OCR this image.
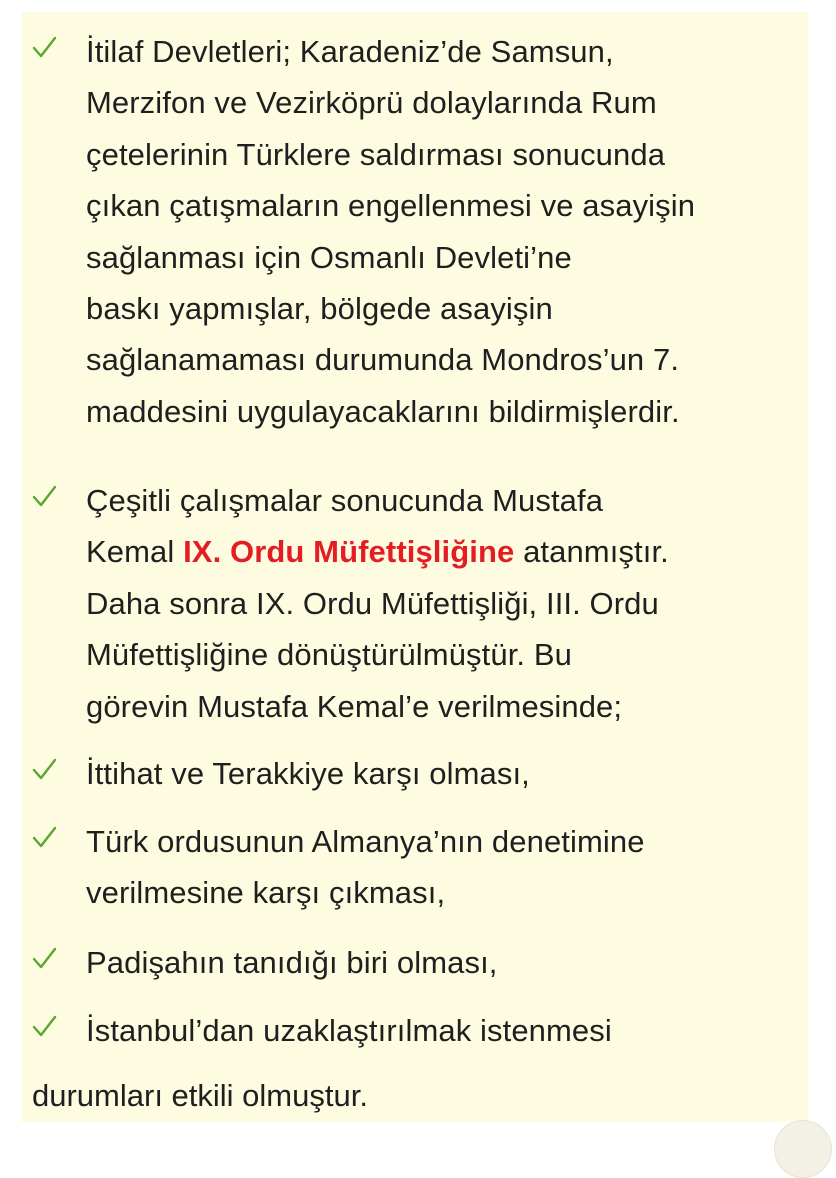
İtilaf Devletleri; Karadeniz’de Samsun,
Merzifon ve Vezirköprü dolaylarında Rum
çetelerinin Türklere saldırması sonucunda
çıkan çatışmaların engellenmesi ve asayişin
sağlanması için Osmanlı Devleti’ne
baskı yapmışlar, bölgede asayişin
sağlanamaması durumunda Mondros’un 7.
maddesini uygulayacaklarını bildirmişlerdir.
Çeşitli çalışmalar sonucunda Mustafa
Kemal IX. Ordu Müfettişliğine atanmıştır.
Daha sonra IX. Ordu Müfettişliği, III. Ordu
Müfettişliğine dönüştürülmüştür. Bu
görevin Mustafa Kemal’e verilmesinde;
İttihat ve Terakkiye karşı olması,
Türk ordusunun Almanya’nın denetimine
verilmesine karşı çıkması,
Padişahın tanıdığı biri olması,
İstanbul’dan uzaklaştırılmak istenmesi
durumları etkili olmuştur.
